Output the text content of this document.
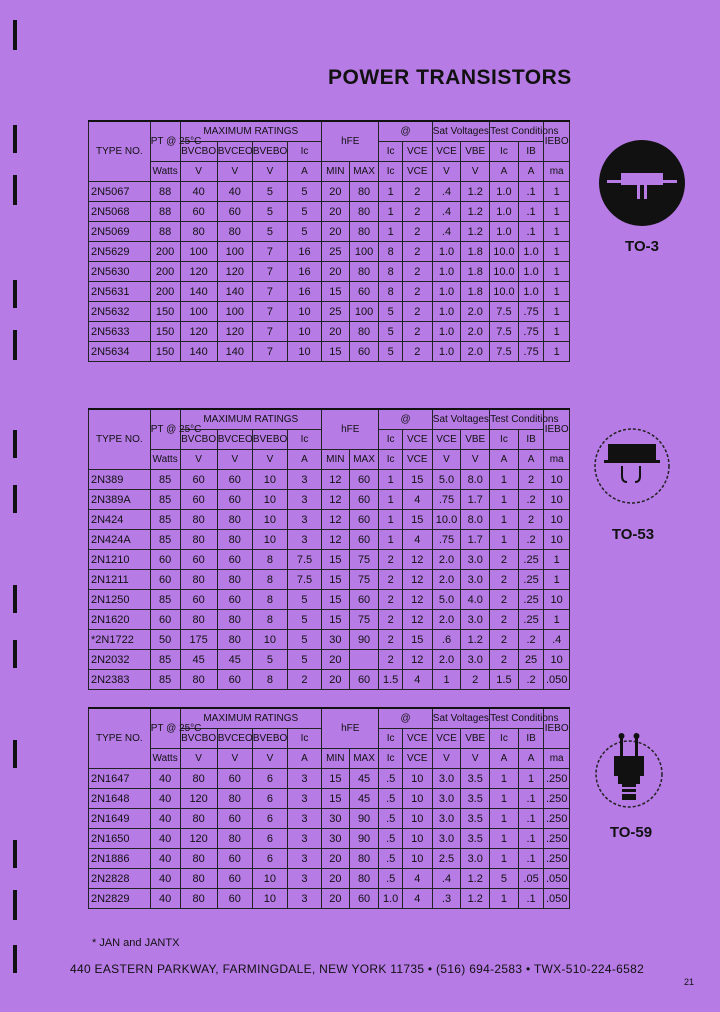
POWER TRANSISTORS
TYPE NO.	PT @ 25°C	MAXIMUM RATINGS				hFE		@		Sat Voltages		Test Conditions		IEBO
		BVCBO	BVCEO	BVEBO	Ic			Ic	VCE	VCE	VBE	Ic	IB	
	Watts	V	V	V	A	MIN	MAX	Ic	VCE	V	V	A	A	ma
2N5067	88	40	40	5	5	20	80	1	2	.4	1.2	1.0	.1	1
2N5068	88	60	60	5	5	20	80	1	2	.4	1.2	1.0	.1	1
2N5069	88	80	80	5	5	20	80	1	2	.4	1.2	1.0	.1	1
2N5629	200	100	100	7	16	25	100	8	2	1.0	1.8	10.0	1.0	1
2N5630	200	120	120	7	16	20	80	8	2	1.0	1.8	10.0	1.0	1
2N5631	200	140	140	7	16	15	60	8	2	1.0	1.8	10.0	1.0	1
2N5632	150	100	100	7	10	25	100	5	2	1.0	2.0	7.5	.75	1
2N5633	150	120	120	7	10	20	80	5	2	1.0	2.0	7.5	.75	1
2N5634	150	140	140	7	10	15	60	5	2	1.0	2.0	7.5	.75	1
TYPE NO.	PT @ 25°C	MAXIMUM RATINGS				hFE		@		Sat Voltages		Test Conditions		IEBO
		BVCBO	BVCEO	BVEBO	Ic			Ic	VCE	VCE	VBE	Ic	IB	
	Watts	V	V	V	A	MIN	MAX	Ic	VCE	V	V	A	A	ma
2N389	85	60	60	10	3	12	60	1	15	5.0	8.0	1	2	10
2N389A	85	60	60	10	3	12	60	1	4	.75	1.7	1	.2	10
2N424	85	80	80	10	3	12	60	1	15	10.0	8.0	1	2	10
2N424A	85	80	80	10	3	12	60	1	4	.75	1.7	1	.2	10
2N1210	60	60	60	8	7.5	15	75	2	12	2.0	3.0	2	.25	1
2N1211	60	80	80	8	7.5	15	75	2	12	2.0	3.0	2	.25	1
2N1250	85	60	60	8	5	15	60	2	12	5.0	4.0	2	.25	10
2N1620	60	80	80	8	5	15	75	2	12	2.0	3.0	2	.25	1
*2N1722	50	175	80	10	5	30	90	2	15	.6	1.2	2	.2	.4
2N2032	85	45	45	5	5	20		2	12	2.0	3.0	2	25	10
2N2383	85	80	60	8	2	20	60	1.5	4	1	2	1.5	.2	.050
TYPE NO.	PT @ 25°C	MAXIMUM RATINGS				hFE		@		Sat Voltages		Test Conditions		IEBO
		BVCBO	BVCEO	BVEBO	Ic			Ic	VCE	VCE	VBE	Ic	IB	
	Watts	V	V	V	A	MIN	MAX	Ic	VCE	V	V	A	A	ma
2N1647	40	80	60	6	3	15	45	.5	10	3.0	3.5	1	1	.250
2N1648	40	120	80	6	3	15	45	.5	10	3.0	3.5	1	.1	.250
2N1649	40	80	60	6	3	30	90	.5	10	3.0	3.5	1	.1	.250
2N1650	40	120	80	6	3	30	90	.5	10	3.0	3.5	1	.1	.250
2N1886	40	80	60	6	3	20	80	.5	10	2.5	3.0	1	.1	.250
2N2828	40	80	60	10	3	20	80	.5	4	.4	1.2	5	.05	.050
2N2829	40	80	60	10	3	20	60	1.0	4	.3	1.2	1	.1	.050
TO-3
TO-53
TO-59
* JAN and JANTX
440 EASTERN PARKWAY, FARMINGDALE, NEW YORK 11735 • (516) 694-2583 • TWX-510-224-6582
21
